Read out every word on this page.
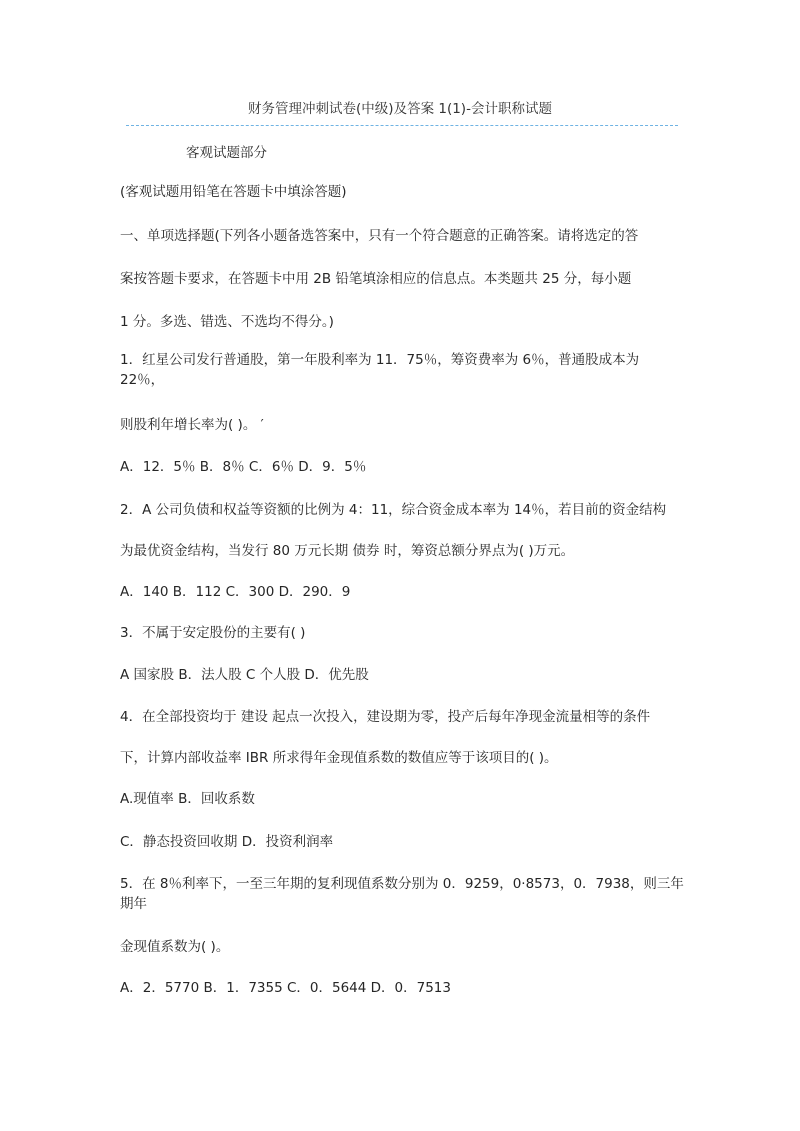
财务管理冲刺试卷(中级)及答案 1(1)-会计职称试题
客观试题部分
(客观试题用铅笔在答题卡中填涂答题)
一、单项选择题(下列各小题备选答案中，只有一个符合题意的正确答案。请将选定的答
案按答题卡要求，在答题卡中用 2B 铅笔填涂相应的信息点。本类题共 25 分，每小题
1 分。多选、错选、不选均不得分。)
1．红星公司发行普通股，第一年股利率为 11．75％，筹资费率为 6％，普通股成本为 22％，
则股利年增长率为( )。 ′
A．12．5％ B．8％ C．6％ D．9．5％
2．A 公司负债和权益等资额的比例为 4：11，综合资金成本率为 14％，若目前的资金结构
为最优资金结构，当发行 80 万元长期 债券 时，筹资总额分界点为( )万元。
A．140 B．112 C．300 D．290．9
3．不属于安定股份的主要有( )
A 国家股 B．法人股 C 个人股 D．优先股
4．在全部投资均于 建设 起点一次投入，建设期为零，投产后每年净现金流量相等的条件
下，计算内部收益率 IBR 所求得年金现值系数的数值应等于该项目的( )。
A.现值率 B．回收系数
C．静态投资回收期 D．投资利润率
5．在 8％利率下，一至三年期的复利现值系数分别为 0．9259，0·8573，0．7938，则三年期年
金现值系数为( )。
A．2．5770 B．1．7355 C．0．5644 D．0．7513
